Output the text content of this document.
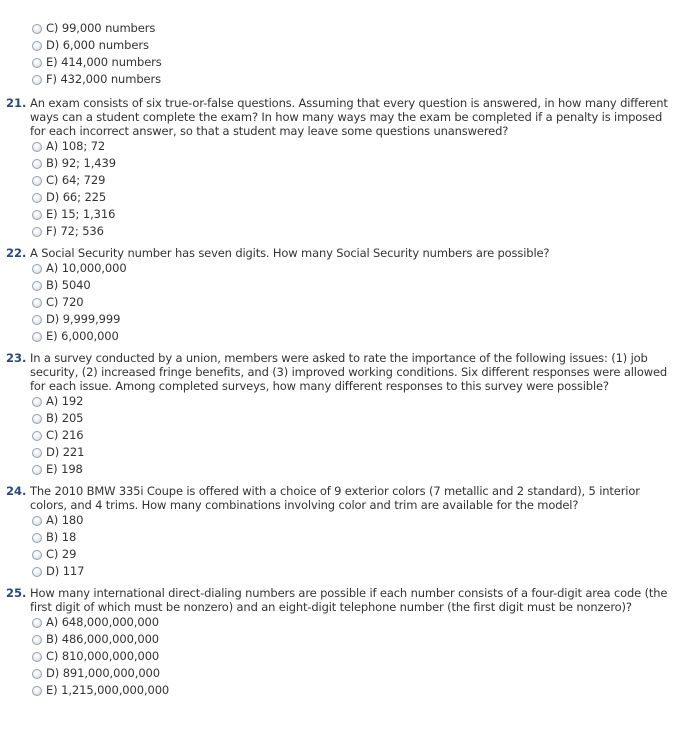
C) 99,000 numbers
D) 6,000 numbers
E) 414,000 numbers
F) 432,000 numbers
21. An exam consists of six true-or-false questions. Assuming that every question is answered, in how many different ways can a student complete the exam? In how many ways may the exam be completed if a penalty is imposed for each incorrect answer, so that a student may leave some questions unanswered?
A) 108; 72
B) 92; 1,439
C) 64; 729
D) 66; 225
E) 15; 1,316
F) 72; 536
22. A Social Security number has seven digits. How many Social Security numbers are possible?
A) 10,000,000
B) 5040
C) 720
D) 9,999,999
E) 6,000,000
23. In a survey conducted by a union, members were asked to rate the importance of the following issues: (1) job security, (2) increased fringe benefits, and (3) improved working conditions. Six different responses were allowed for each issue. Among completed surveys, how many different responses to this survey were possible?
A) 192
B) 205
C) 216
D) 221
E) 198
24. The 2010 BMW 335i Coupe is offered with a choice of 9 exterior colors (7 metallic and 2 standard), 5 interior colors, and 4 trims. How many combinations involving color and trim are available for the model?
A) 180
B) 18
C) 29
D) 117
25. How many international direct-dialing numbers are possible if each number consists of a four-digit area code (the first digit of which must be nonzero) and an eight-digit telephone number (the first digit must be nonzero)?
A) 648,000,000,000
B) 486,000,000,000
C) 810,000,000,000
D) 891,000,000,000
E) 1,215,000,000,000
